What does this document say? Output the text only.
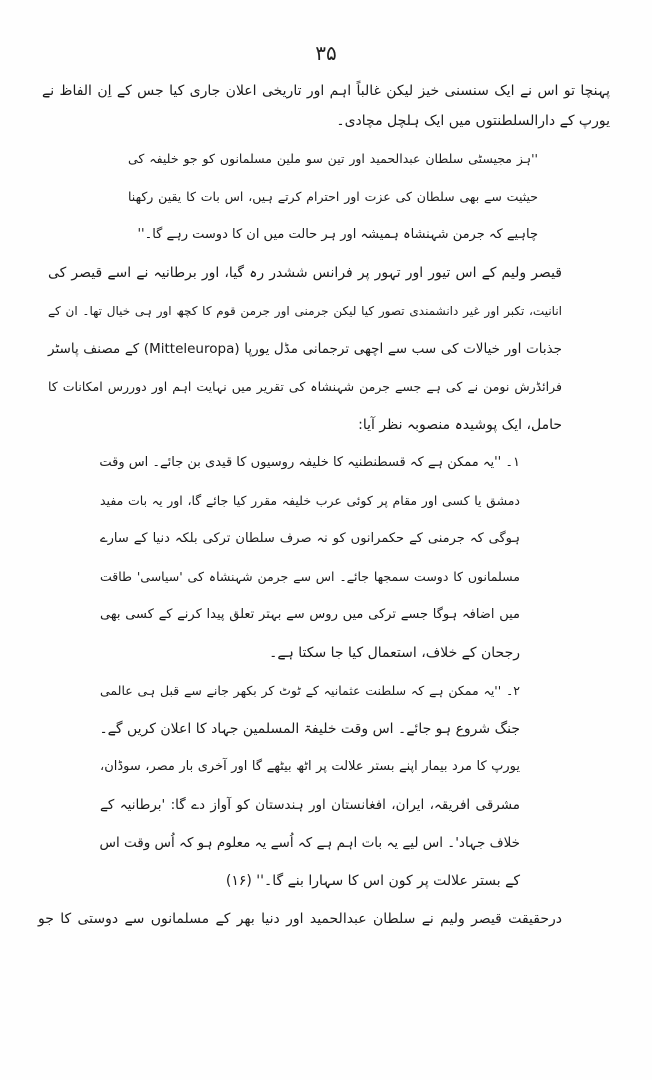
۳۵
پہنچا تو اس نے ایک سنسنی خیز لیکن غالباً اہم اور تاریخی اعلان جاری کیا جس کے اِن الفاظ نے
یورپ کے دارالسلطنتوں میں ایک ہلچل مچادی۔
''ہز مجیسٹی سلطان عبدالحمید اور تین سو ملین مسلمانوں کو جو خلیفہ کی
حیثیت سے بھی سلطان کی عزت اور احترام کرتے ہیں، اس بات کا یقین رکھنا
چاہیے کہ جرمن شہنشاہ ہمیشہ اور ہر حالت میں ان کا دوست رہے گا۔''
قیصر ولیم کے اس تیور اور تہور پر فرانس ششدر رہ گیا، اور برطانیہ نے اسے قیصر کی
انانیت، تکبر اور غیر دانشمندی تصور کیا لیکن جرمنی اور جرمن قوم کا کچھ اور ہی خیال تھا۔ ان کے
جذبات اور خیالات کی سب سے اچھی ترجمانی مڈل یورپا (Mitteleuropa) کے مصنف پاسٹر
فرائڈرش نومن نے کی ہے جسے جرمن شہنشاہ کی تقریر میں نہایت اہم اور دوررس امکانات کا
حامل، ایک پوشیدہ منصوبہ نظر آیا:
۱۔ ''یہ ممکن ہے کہ قسطنطنیہ کا خلیفہ روسیوں کا قیدی بن جائے۔ اس وقت
دمشق یا کسی اور مقام پر کوئی عرب خلیفہ مقرر کیا جائے گا، اور یہ بات مفید
ہوگی کہ جرمنی کے حکمرانوں کو نہ صرف سلطان ترکی بلکہ دنیا کے سارے
مسلمانوں کا دوست سمجھا جائے۔ اس سے جرمن شہنشاہ کی 'سیاسی' طاقت
میں اضافہ ہوگا جسے ترکی میں روس سے بہتر تعلق پیدا کرنے کے کسی بھی
رجحان کے خلاف، استعمال کیا جا سکتا ہے۔
۲۔ ''یہ ممکن ہے کہ سلطنت عثمانیہ کے ٹوٹ کر بکھر جانے سے قبل ہی عالمی
جنگ شروع ہو جائے۔ اس وقت خلیفۃ المسلمین جہاد کا اعلان کریں گے۔
یورپ کا مرد بیمار اپنے بستر علالت پر اٹھ بیٹھے گا اور آخری بار مصر، سوڈان،
مشرقی افریقہ، ایران، افغانستان اور ہندستان کو آواز دے گا: 'برطانیہ کے
خلاف جہاد'۔ اس لیے یہ بات اہم ہے کہ اُسے یہ معلوم ہو کہ اُس وقت اس
کے بستر علالت پر کون اس کا سہارا بنے گا۔'' (۱۶)
درحقیقت قیصر ولیم نے سلطان عبدالحمید اور دنیا بھر کے مسلمانوں سے دوستی کا جو
